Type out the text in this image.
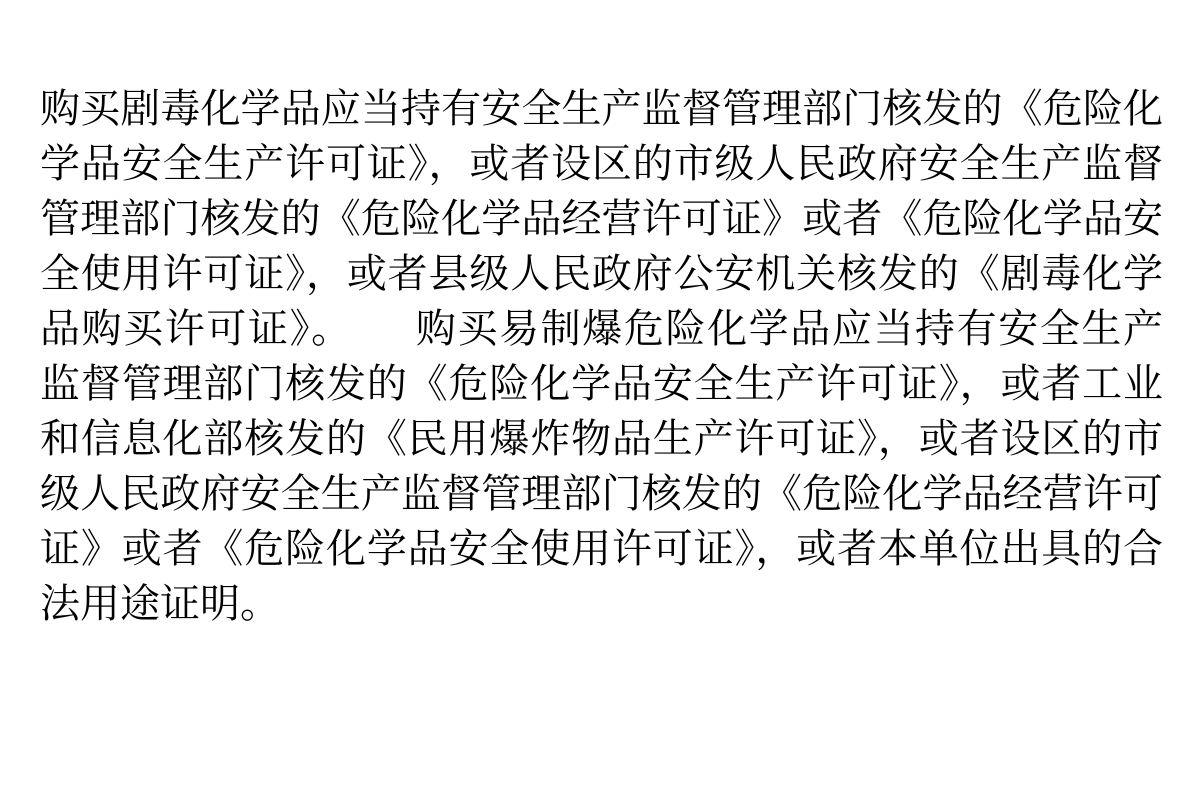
购买剧毒化学品应当持有安全生产监督管理部门核发的《危险化

学品安全生产许可证》，或者设区的市级人民政府安全生产监督

管理部门核发的《危险化学品经营许可证》或者《危险化学品安

全使用许可证》，或者县级人民政府公安机关核发的《剧毒化学

品购买许可证》。　　购买易制爆危险化学品应当持有安全生产

监督管理部门核发的《危险化学品安全生产许可证》，或者工业

和信息化部核发的《民用爆炸物品生产许可证》，或者设区的市

级人民政府安全生产监督管理部门核发的《危险化学品经营许可

证》或者《危险化学品安全使用许可证》，或者本单位出具的合

法用途证明。
